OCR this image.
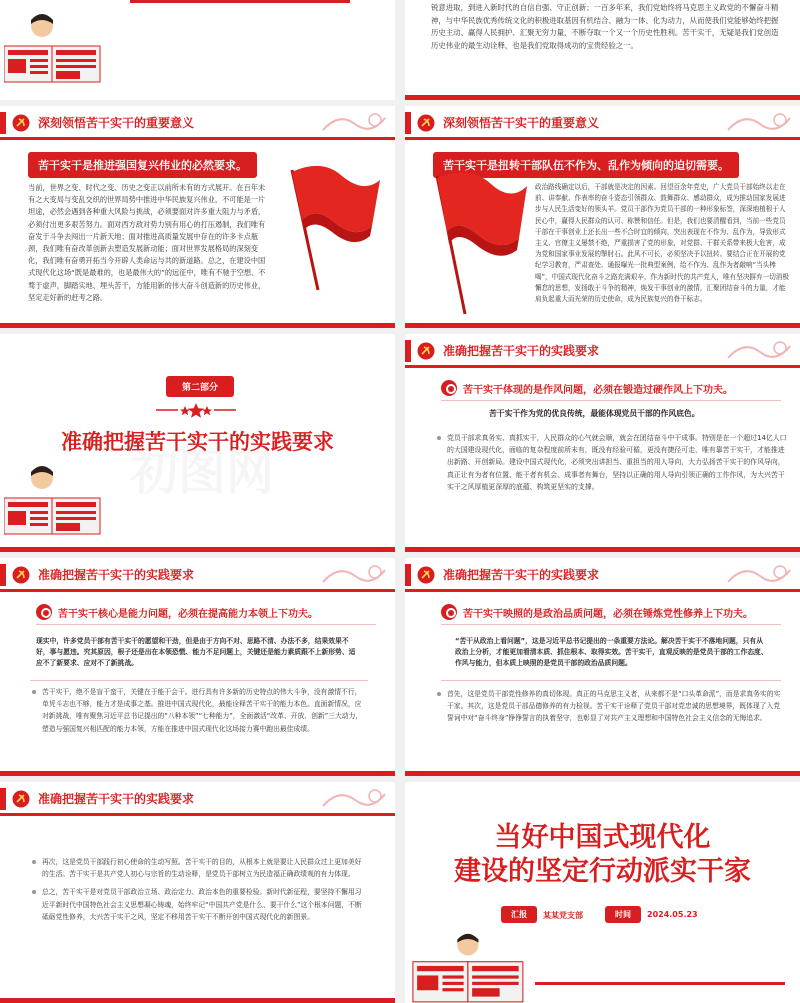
锐意进取，到进入新时代的自信自强、守正创新；一百多年来，我们党始终将马克思主义政党的不懈奋斗精神，与中华民族优秀传统文化的积极进取基因有机结合、融为一体、化为动力，从而使我们党能够始终把握历史主动、赢得人民拥护、汇聚无穷力量，不断夺取一个又一个历史性胜利。苦干实干，无疑是我们党创造历史伟业的最生动诠释，也是我们党取得成功的宝贵经验之一。
深刻领悟苦干实干的重要意义
苦干实干是推进强国复兴伟业的必然要求。
当前，世界之变、时代之变、历史之变正以前所未有的方式展开。在百年未有之大变局与变乱交织的世界局势中推进中华民族复兴伟业，不可能是一片坦途，必然会遇到各种重大风险与挑战，必须要面对许多重大阻力与矛盾，必须付出更多艰苦努力。面对西方敌对势力别有用心的打压遏制，我们唯有奋发于斗争去闯出一片新天地；面对推进高质量发展中存在的许多卡点瓶颈，我们唯有奋改革创新去塑造发展新动能；面对世界发展格局的深刻变化，我们唯有奋勇开拓当今开辟人类命运与共的新道路。总之，在建设中国式现代化这场“既是最难的，也是最伟大的”的远征中，唯有不驰于空想、不骛于虚声，脚踏实地、埋头苦干，方能用新的伟大奋斗创造新的历史伟业，坚定走好新的赶考之路。
深刻领悟苦干实干的重要意义
苦干实干是扭转干部队伍不作为、乱作为倾向的迫切需要。
政治路线确定以后，干部就是决定的因素。回望百余年党史，广大党员干部始终以走在前、讲奉献、作表率的奋斗姿态引领群众、鼓舞群众、感动群众，成为推动国家发展进步与人民生活变好的领头羊。党员干部作为党员干部的一种形象标签，深深地植根于人民心中，赢得人民群众的认可、称赞和信任。但是，我们也要清醒看到，当前一些党员干部在干事创业上还长出一些不合时宜的倾向，突出表现在不作为、乱作为，导致形式主义、官僚主义屡禁不绝，严重损害了党的形象，对党群、干群关系带来极大危害，成为党和国家事业发展的掣肘石。此风不可长，必须坚决予以扭转。要结合正在开展的党纪学习教育，严肃查处、通报曝光一批典型案例，给不作为、乱作为者敲响“当头棒喝”，中国式现代化奋斗之路充满艰辛，作为新时代的共产党人，唯有坚决摒弃一切消极懈怠的思想，发扬敢于斗争的精神，焕发干事创业的激情，汇聚团结奋斗的力量，才能肩负起重大而光荣的历史使命，成为民族复兴的脊干标志。
初图网
第二部分
准确把握苦干实干的实践要求
准确把握苦干实干的实践要求
苦干实干体现的是作风问题，必须在锻造过硬作风上下功夫。
苦干实干作为党的优良传统，最能体现党员干部的作风底色。
党员干部求真务实、真抓实干，人民群众的心气就会顺，就会在团结奋斗中干成事。特别是在一个超过14亿人口的大国建设现代化，面临的复杂程度前所未有，既没有经验可循，更没有捷径可走，唯有靠苦干实干，才能推进出新路、开创新局。建设中国式现代化，必须突出讲担当、重担当的用人导向，大力弘扬苦干实干的作风导向，真正让有为者有位置、能干者有机会、成事者有舞台，坚持以正确的用人导向引领正确的工作作风，为大兴苦干实干之风厚植更深厚的底蕴、构筑更坚实的支撑。
准确把握苦干实干的实践要求
苦干实干核心是能力问题，必须在提高能力本领上下功夫。
现实中，许多党员干部有苦干实干的愿望和干劲，但是由于方向不对、思路不清、办法不多，结果效果不好，事与愿违。究其原因，根子还是出在本领恐慌、能力不足问题上，关键还是能力素质跟不上新形势、适应不了新要求、应对不了新挑战。
苦干实干，绝不是盲干蛮干，关键在于能干会干。进行具有许多新的历史特点的伟大斗争，没有激情不行，单凭斗志也不够，能力才是成事之基。推进中国式现代化，最能诠释苦干实干的能力本色。直面新情况，应对新挑战，唯有聚焦习近平总书记提出的“八种本领”“七种能力”，全面激活“改革、开放、创新”三大动力，塑造与强国复兴相匹配的能力本领，方能在推进中国式现代化这场接力赛中跑出最佳成绩。
准确把握苦干实干的实践要求
苦干实干映照的是政治品质问题，必须在锤炼党性修养上下功夫。
“苦干从政治上看问题”，这是习近平总书记提出的一条重要方法论。解决苦干实干不落地问题，只有从政治上分析，才能更加看清本质、抓住根本、取得实效。苦干实干，直观反映的是党员干部的工作态度、作风与能力，但本质上映照的是党员干部的政治品质问题。
首先，这是党员干部党性修养的真切体现。真正的马克思主义者，从来都不是“口头革命派”，而是求真务实的实干家。其次，这是党员干部品德修养的有力检视。苦干实干诠释了党员干部对党忠诚的思想境界，既体现了入党誓词中对“奋斗终身”铮铮誓言的执着坚守，也彰显了对共产主义理想和中国特色社会主义信念的无悔追求。
准确把握苦干实干的实践要求
再次，这是党员干部践行初心使命的生动写照。苦干实干的目的，从根本上就是要让人民群众过上更加美好的生活。苦干实干是共产党人初心与宗旨的生动诠释，是党员干部树立为民造福正确政绩观的有力体现。
总之，苦干实干是对党员干部政治立场、政治定力、政治本色的重要检验。新时代新征程，要坚持不懈用习近平新时代中国特色社会主义思想凝心铸魂，始终牢记“中国共产党是什么、要干什么”这个根本问题，不断砥砺党性修养，大兴苦干实干之风，坚定不移用苦干实干不断开创中国式现代化的新图景。
当好中国式现代化
建设的坚定行动派实干家
汇报	某某党支部	时间	2024.05.23
